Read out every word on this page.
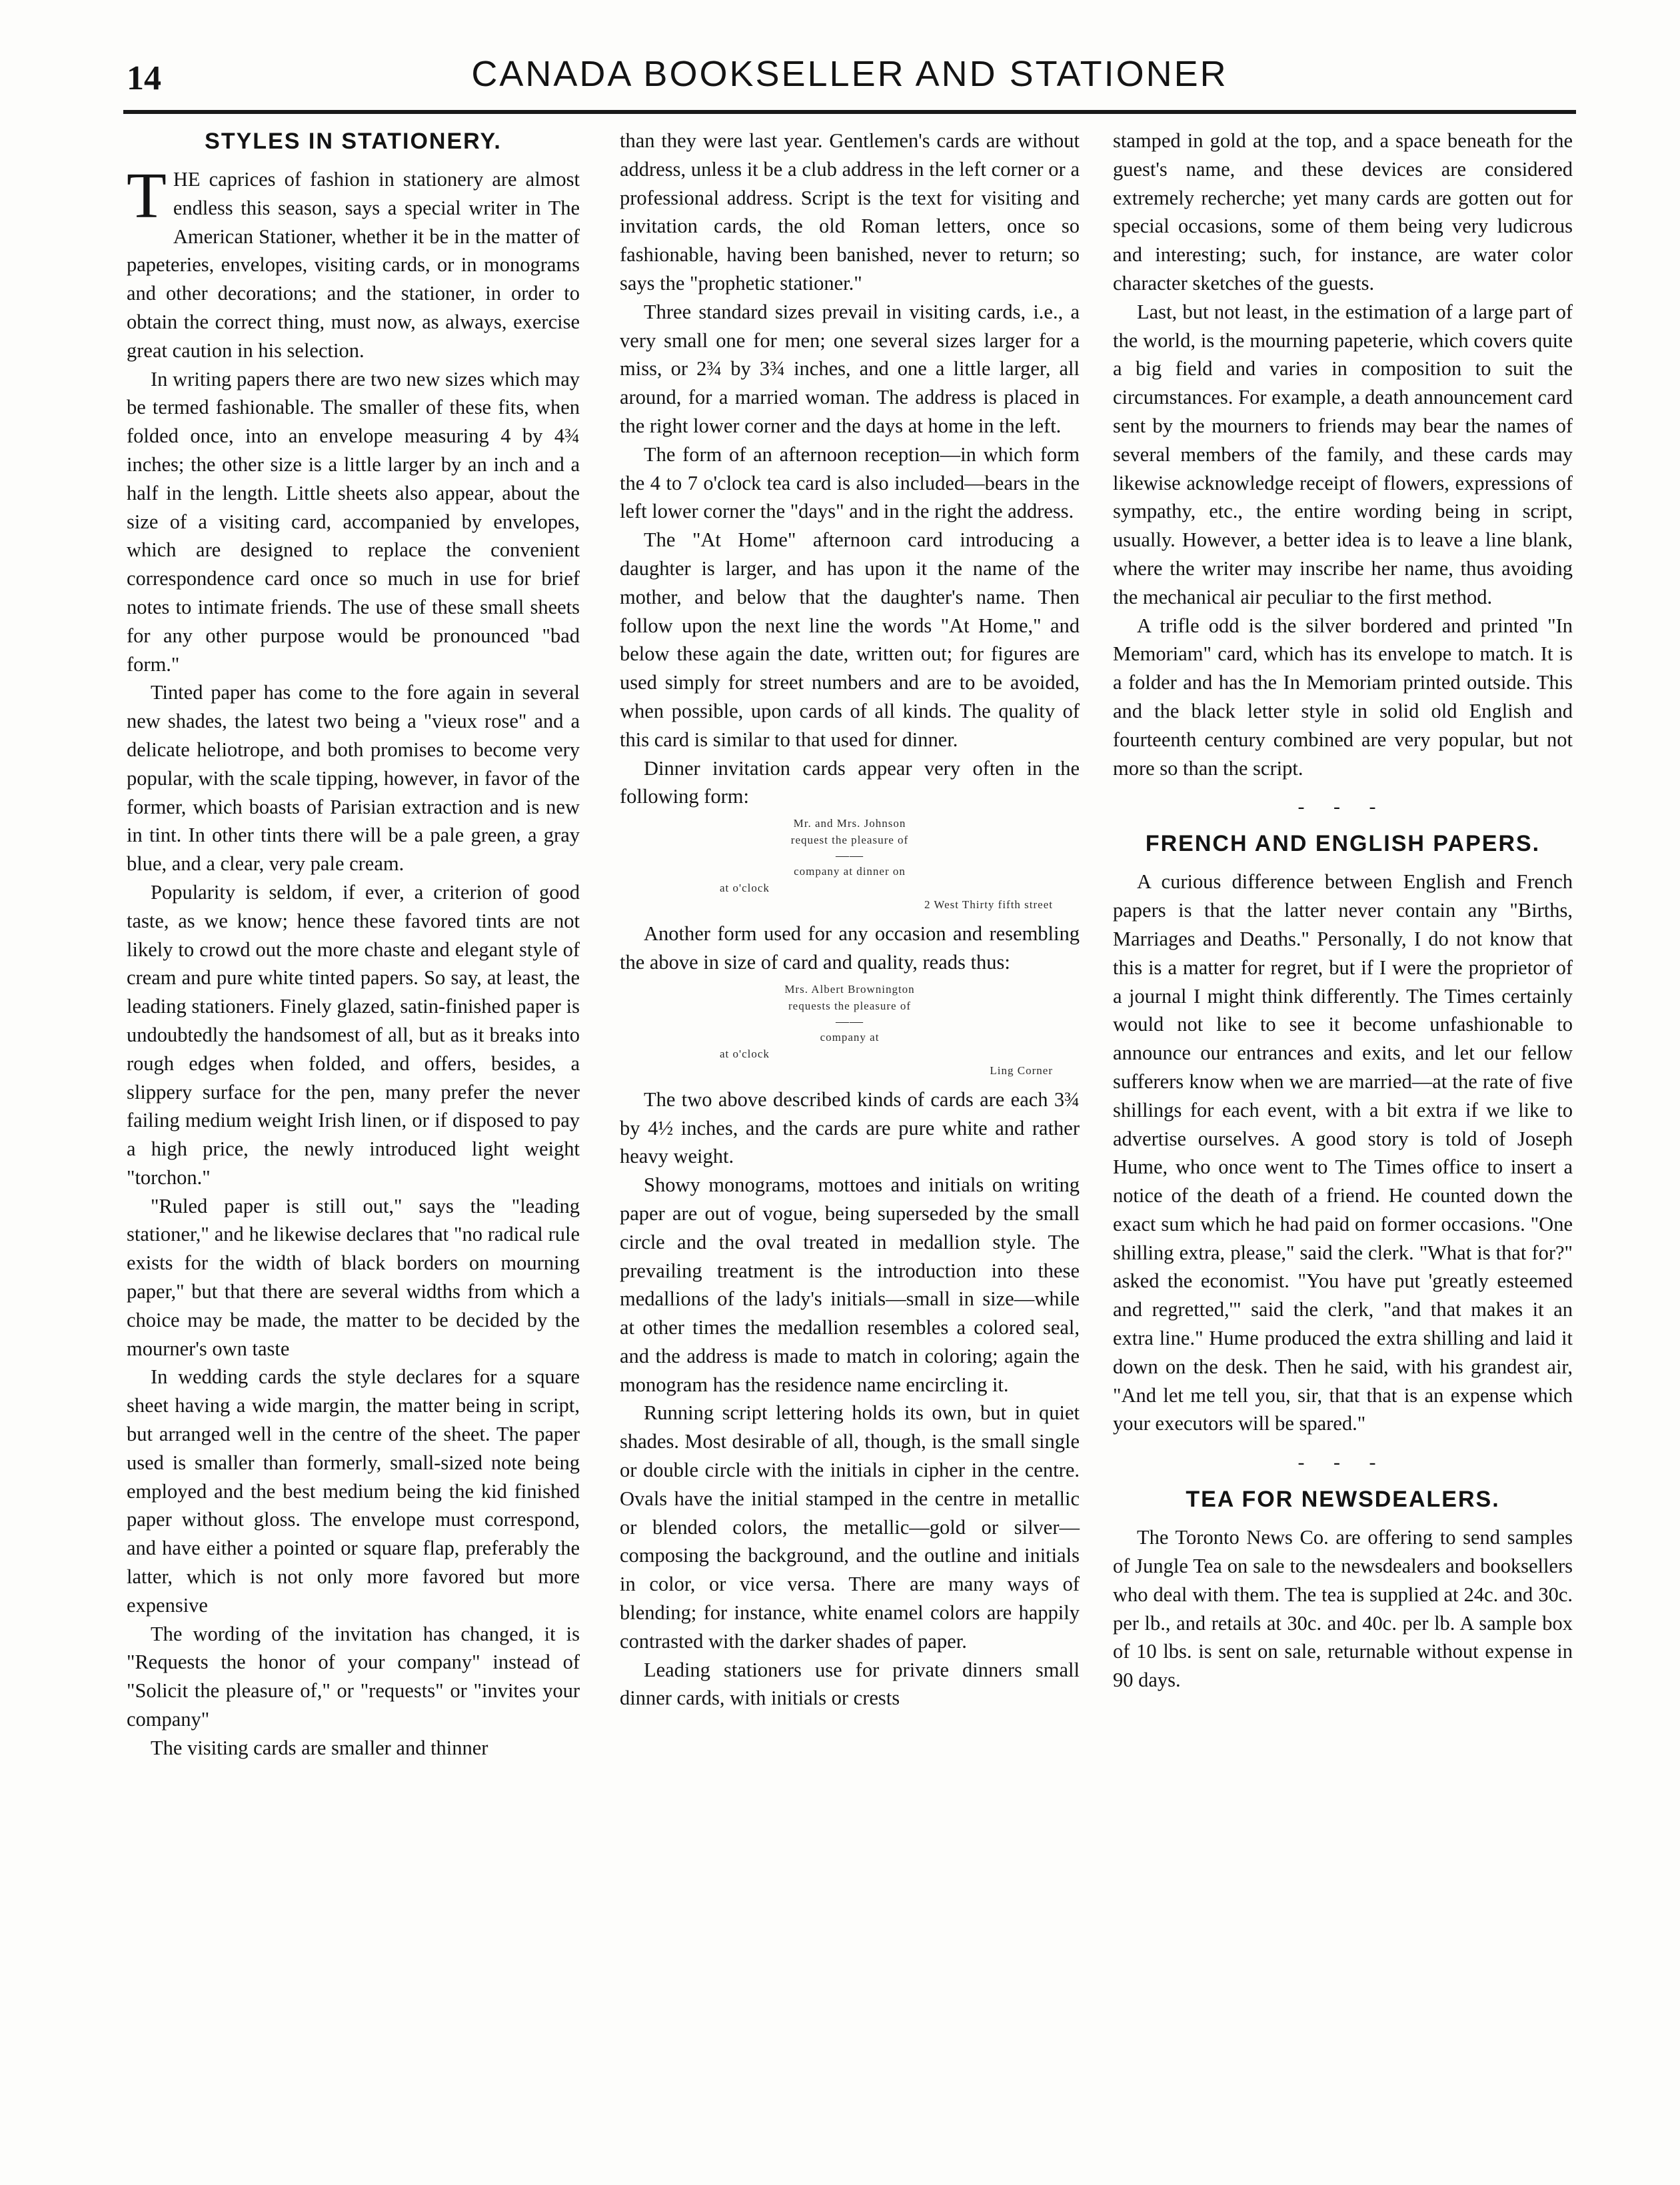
14	CANADA BOOKSELLER AND STATIONER
STYLES IN STATIONERY.

THE caprices of fashion in stationery are almost endless this season, says a special writer in The American Stationer, whether it be in the matter of papeteries, envelopes, visiting cards, or in monograms and other decorations; and the stationer, in order to obtain the correct thing, must now, as always, exercise great caution in his selection.

In writing papers there are two new sizes which may be termed fashionable. The smaller of these fits, when folded once, into an envelope measuring 4 by 4¾ inches; the other size is a little larger by an inch and a half in the length. Little sheets also appear, about the size of a visiting card, accompanied by envelopes, which are designed to replace the convenient correspondence card once so much in use for brief notes to intimate friends. The use of these small sheets for any other purpose would be pronounced "bad form."

Tinted paper has come to the fore again in several new shades, the latest two being a "vieux rose" and a delicate heliotrope, and both promises to become very popular, with the scale tipping, however, in favor of the former, which boasts of Parisian extraction and is new in tint. In other tints there will be a pale green, a gray blue, and a clear, very pale cream.

Popularity is seldom, if ever, a criterion of good taste, as we know; hence these favored tints are not likely to crowd out the more chaste and elegant style of cream and pure white tinted papers. So say, at least, the leading stationers. Finely glazed, satin-finished paper is undoubtedly the handsomest of all, but as it breaks into rough edges when folded, and offers, besides, a slippery surface for the pen, many prefer the never failing medium weight Irish linen, or if disposed to pay a high price, the newly introduced light weight "torchon."

"Ruled paper is still out," says the "leading stationer," and he likewise declares that "no radical rule exists for the width of black borders on mourning paper," but that there are several widths from which a choice may be made, the matter to be decided by the mourner's own taste

In wedding cards the style declares for a square sheet having a wide margin, the matter being in script, but arranged well in the centre of the sheet. The paper used is smaller than formerly, small-sized note being employed and the best medium being the kid finished paper without gloss. The envelope must correspond, and have either a pointed or square flap, preferably the latter, which is not only more favored but more expensive

The wording of the invitation has changed, it is "Requests the honor of your company" instead of "Solicit the pleasure of," or "requests" or "invites your company"

The visiting cards are smaller and thinner

than they were last year. Gentlemen's cards are without address, unless it be a club address in the left corner or a professional address. Script is the text for visiting and invitation cards, the old Roman letters, once so fashionable, having been banished, never to return; so says the "prophetic stationer."

Three standard sizes prevail in visiting cards, i.e., a very small one for men; one several sizes larger for a miss, or 2¾ by 3¾ inches, and one a little larger, all around, for a married woman. The address is placed in the right lower corner and the days at home in the left.

The form of an afternoon reception—in which form the 4 to 7 o'clock tea card is also included—bears in the left lower corner the "days" and in the right the address.

The "At Home" afternoon card introducing a daughter is larger, and has upon it the name of the mother, and below that the daughter's name. Then follow upon the next line the words "At Home," and below these again the date, written out; for figures are used simply for street numbers and are to be avoided, when possible, upon cards of all kinds. The quality of this card is similar to that used for dinner.

Dinner invitation cards appear very often in the following form:

Mr. and Mrs. Johnson
request the pleasure of
——
company at dinner on
at o'clock
2 West Thirty fifth street

Another form used for any occasion and resembling the above in size of card and quality, reads thus:

Mrs. Albert Brownington
requests the pleasure of
——
company at
at o'clock
Ling Corner

The two above described kinds of cards are each 3¾ by 4½ inches, and the cards are pure white and rather heavy weight.

Showy monograms, mottoes and initials on writing paper are out of vogue, being superseded by the small circle and the oval treated in medallion style. The prevailing treatment is the introduction into these medallions of the lady's initials—small in size—while at other times the medallion resembles a colored seal, and the address is made to match in coloring; again the monogram has the residence name encircling it.

Running script lettering holds its own, but in quiet shades. Most desirable of all, though, is the small single or double circle with the initials in cipher in the centre. Ovals have the initial stamped in the centre in metallic or blended colors, the metallic—gold or silver—composing the background, and the outline and initials in color, or vice versa. There are many ways of blending; for instance, white enamel colors are happily contrasted with the darker shades of paper.

Leading stationers use for private dinners small dinner cards, with initials or crests

stamped in gold at the top, and a space beneath for the guest's name, and these devices are considered extremely recherche; yet many cards are gotten out for special occasions, some of them being very ludicrous and interesting; such, for instance, are water color character sketches of the guests.

Last, but not least, in the estimation of a large part of the world, is the mourning papeterie, which covers quite a big field and varies in composition to suit the circumstances. For example, a death announcement card sent by the mourners to friends may bear the names of several members of the family, and these cards may likewise acknowledge receipt of flowers, expressions of sympathy, etc., the entire wording being in script, usually. However, a better idea is to leave a line blank, where the writer may inscribe her name, thus avoiding the mechanical air peculiar to the first method.

A trifle odd is the silver bordered and printed "In Memoriam" card, which has its envelope to match. It is a folder and has the In Memoriam printed outside. This and the black letter style in solid old English and fourteenth century combined are very popular, but not more so than the script.

- - -
FRENCH AND ENGLISH PAPERS.

A curious difference between English and French papers is that the latter never contain any "Births, Marriages and Deaths." Personally, I do not know that this is a matter for regret, but if I were the proprietor of a journal I might think differently. The Times certainly would not like to see it become unfashionable to announce our entrances and exits, and let our fellow sufferers know when we are married—at the rate of five shillings for each event, with a bit extra if we like to advertise ourselves. A good story is told of Joseph Hume, who once went to The Times office to insert a notice of the death of a friend. He counted down the exact sum which he had paid on former occasions. "One shilling extra, please," said the clerk. "What is that for?" asked the economist. "You have put 'greatly esteemed and regretted,'" said the clerk, "and that makes it an extra line." Hume produced the extra shilling and laid it down on the desk. Then he said, with his grandest air, "And let me tell you, sir, that that is an expense which your executors will be spared."

- - -
TEA FOR NEWSDEALERS.

The Toronto News Co. are offering to send samples of Jungle Tea on sale to the newsdealers and booksellers who deal with them. The tea is supplied at 24c. and 30c. per lb., and retails at 30c. and 40c. per lb. A sample box of 10 lbs. is sent on sale, returnable without expense in 90 days.
